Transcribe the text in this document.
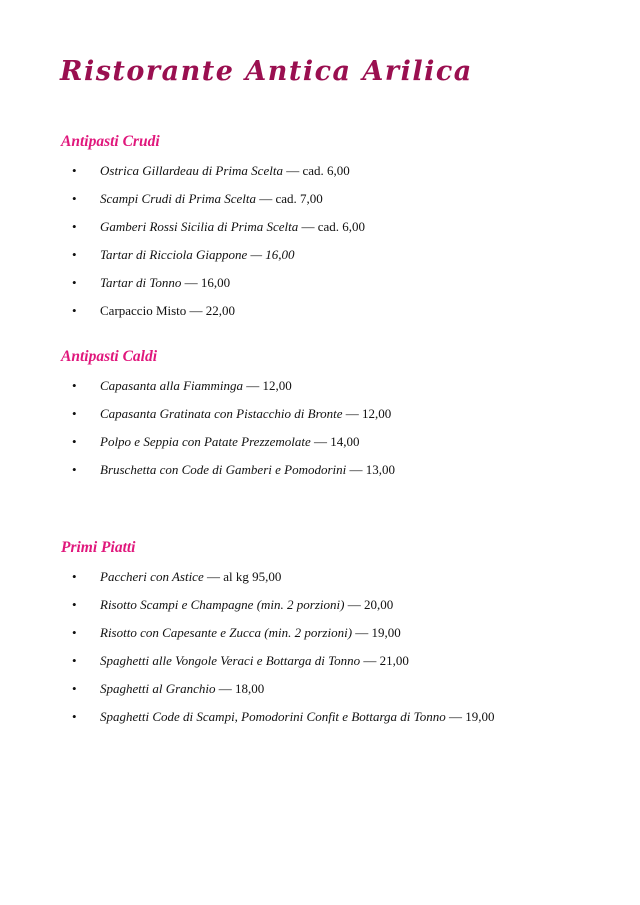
Ristorante Antica Arilica
Antipasti Crudi
• Ostrica Gillardeau di Prima Scelta — cad. 6,00
• Scampi Crudi di Prima Scelta — cad. 7,00
• Gamberi Rossi Sicilia di Prima Scelta — cad. 6,00
• Tartar di Ricciola Giappone — 16,00
• Tartar di Tonno — 16,00
• Carpaccio Misto — 22,00
Antipasti Caldi
• Capasanta alla Fiamminga — 12,00
• Capasanta Gratinata con Pistacchio di Bronte — 12,00
• Polpo e Seppia con Patate Prezzemolate — 14,00
• Bruschetta con Code di Gamberi e Pomodorini — 13,00
Primi Piatti
• Paccheri con Astice — al kg 95,00
• Risotto Scampi e Champagne (min. 2 porzioni) — 20,00
• Risotto con Capesante e Zucca (min. 2 porzioni) — 19,00
• Spaghetti alle Vongole Veraci e Bottarga di Tonno — 21,00
• Spaghetti al Granchio — 18,00
• Spaghetti Code di Scampi, Pomodorini Confit e Bottarga di Tonno — 19,00
